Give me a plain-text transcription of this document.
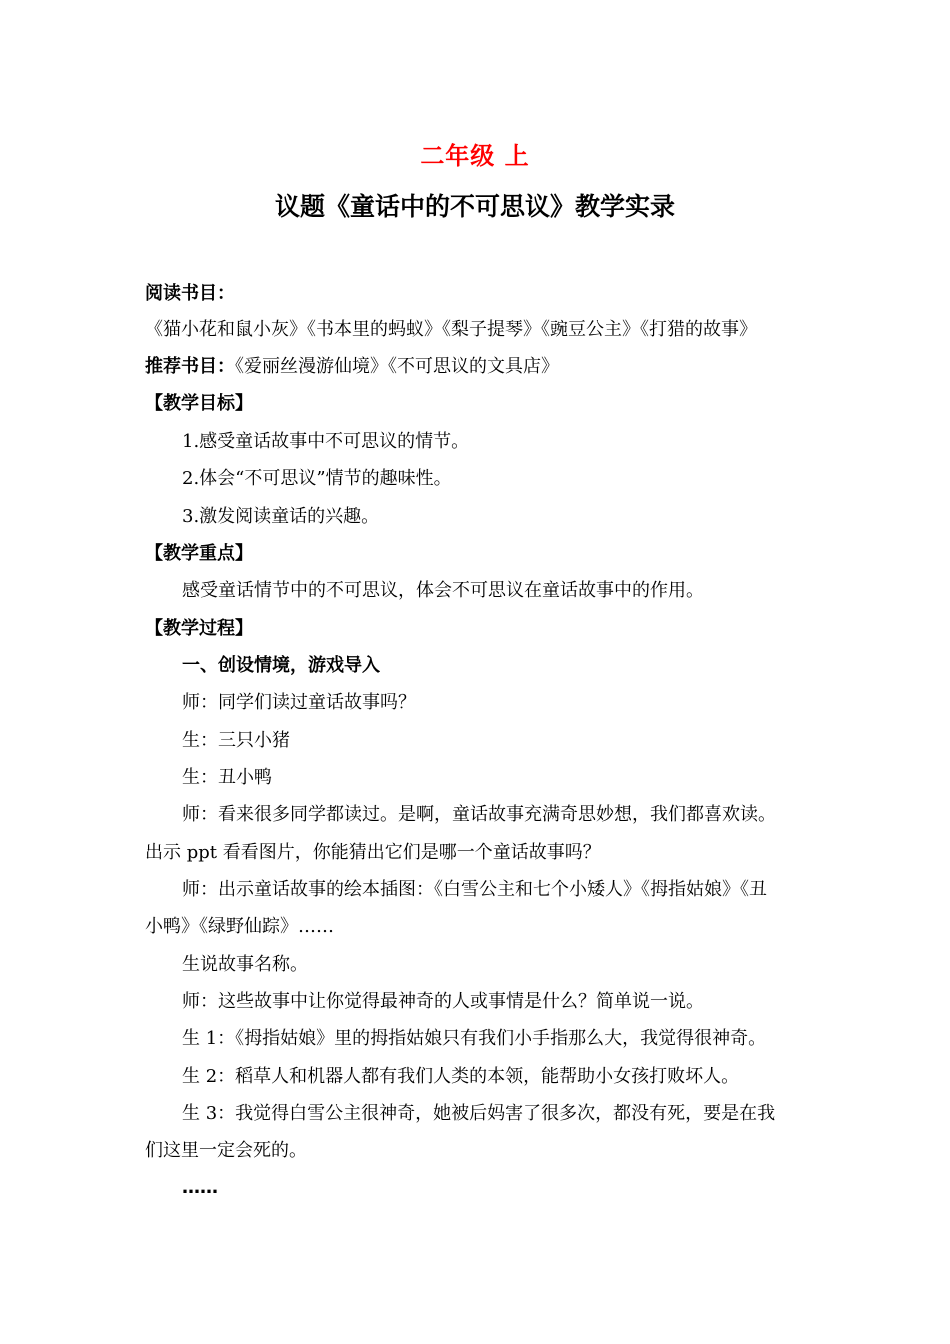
二年级 上
议题《童话中的不可思议》教学实录
阅读书目：
《猫小花和鼠小灰》《书本里的蚂蚁》《梨子提琴》《豌豆公主》《打猎的故事》
推荐书目：《爱丽丝漫游仙境》《不可思议的文具店》
【教学目标】
1.感受童话故事中不可思议的情节。
2.体会“不可思议”情节的趣味性。
3.激发阅读童话的兴趣。
【教学重点】
感受童话情节中的不可思议，体会不可思议在童话故事中的作用。
【教学过程】
一、创设情境，游戏导入
师：同学们读过童话故事吗？
生：三只小猪
生：丑小鸭
师：看来很多同学都读过。是啊，童话故事充满奇思妙想，我们都喜欢读。
出示 ppt 看看图片，你能猜出它们是哪一个童话故事吗？
师：出示童话故事的绘本插图：《白雪公主和七个小矮人》《拇指姑娘》《丑
小鸭》《绿野仙踪》……
生说故事名称。
师：这些故事中让你觉得最神奇的人或事情是什么？简单说一说。
生 1：《拇指姑娘》里的拇指姑娘只有我们小手指那么大，我觉得很神奇。
生 2：稻草人和机器人都有我们人类的本领，能帮助小女孩打败坏人。
生 3：我觉得白雪公主很神奇，她被后妈害了很多次，都没有死，要是在我
们这里一定会死的。
……
